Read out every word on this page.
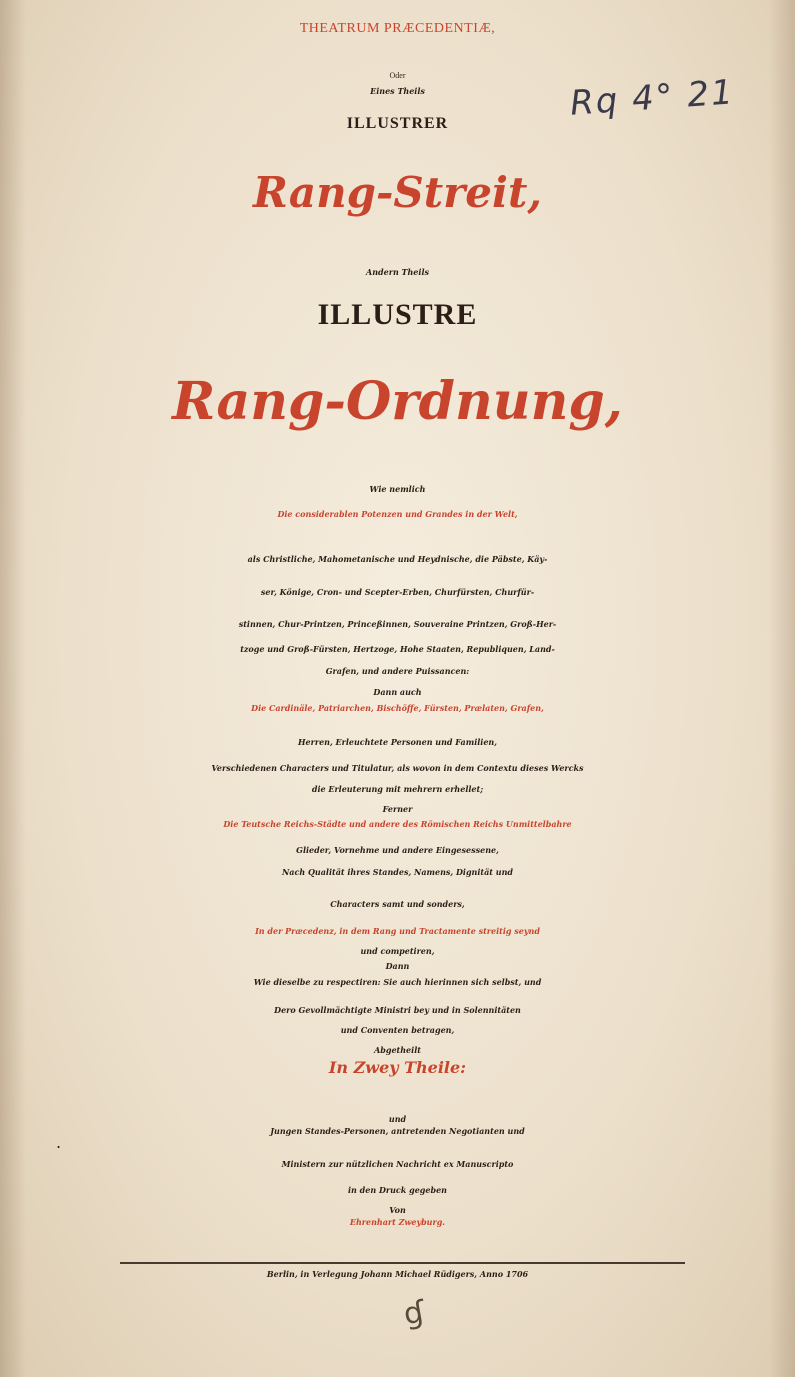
THEATRUM PRÆCEDENTIÆ,
Oder
Eines Theils
ILLUSTRER
Rang-Streit,
Andern Theils
ILLUSTRE
Rang-Ordnung,
Wie nemlich
Die considerablen Potenzen und Grandes in der Welt,
als Christliche, Mahometanische und Heydnische, die Päbste, Käy-
ser, Könige, Cron- und Scepter-Erben, Churfürsten, Churfür-
stinnen, Chur-Printzen, Princeßinnen, Souveraine Printzen, Groß-Her-
tzoge und Groß-Fürsten, Hertzoge, Hohe Staaten, Republiquen, Land-
Grafen, und andere Puissancen:
Dann auch
Die Cardinäle, Patriarchen, Bischöffe, Fürsten, Prælaten, Grafen,
Herren, Erleuchtete Personen und Familien,
Verschiedenen Characters und Titulatur, als wovon in dem Contextu dieses Wercks
die Erleuterung mit mehrern erhellet;
Ferner
Die Teutsche Reichs-Städte und andere des Römischen Reichs Unmittelbahre
Glieder, Vornehme und andere Eingesessene,
Nach Qualität ihres Standes, Namens, Dignität und
Characters samt und sonders,
In der Præcedenz, in dem Rang und Tractamente streitig seynd
und competiren,
Dann
Wie dieselbe zu respectiren: Sie auch hierinnen sich selbst, und
Dero Gevollmächtigte Ministri bey und in Solennitäten
und Conventen betragen,
Abgetheilt
In Zwey Theile:
und
Jungen Standes-Personen, antretenden Negotianten und
Ministern zur nützlichen Nachricht ex Manuscripto
in den Druck gegeben
Von
Ehrenhart Zweyburg.
Berlin, in Verlegung Johann Michael Rüdigers, Anno 1706
Rq 4° 21
ɠ
.
